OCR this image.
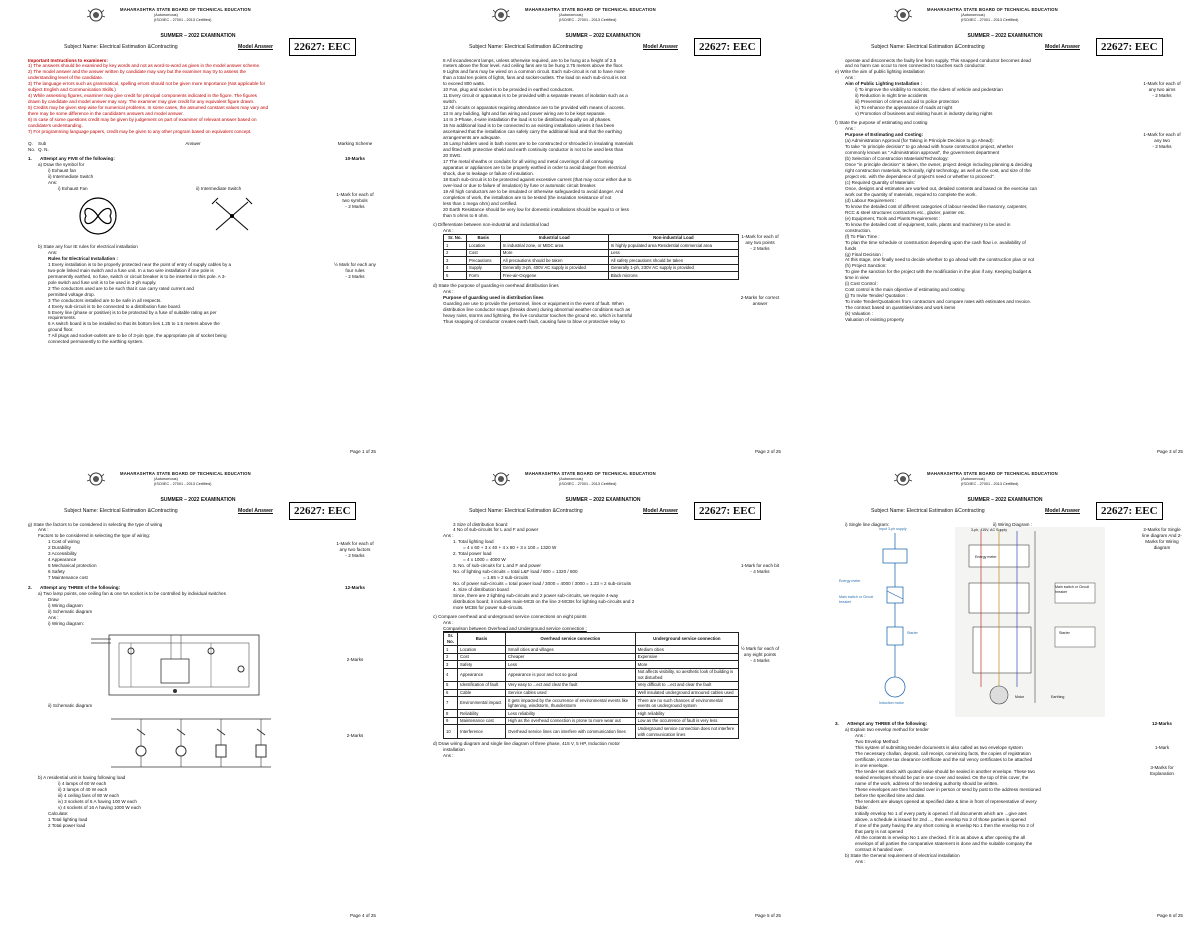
MAHARASHTRA STATE BOARD OF TECHNICAL EDUCATION
(Autonomous)
(ISO/IEC - 27001 - 2013 Certified)
SUMMER – 2022 EXAMINATION
Subject Name: Electrical Estimation &Contracting	Model Answer	22627: EEC
Important Instructions to examiners:
1) The answers should be examined by key words and not as word-to-word as given in the model answer scheme.
2) The model answer and the answer written by candidate may vary but the examiner may try to assess the
understanding level of the candidate.
3) The language errors such as grammatical, spelling errors should not be given more Importance (Not applicable for
subject English and Communication Skills.)
4) While assessing figures, examiner may give credit for principal components indicated in the figure. The figures
drawn by candidate and model answer may vary. The examiner may give credit for any equivalent figure drawn.
5) Credits may be given step wise for numerical problems. In some cases, the assumed constant values may vary and
there may be some difference in the candidate's answers and model answer.
6) In case of some questions credit may be given by judgement on part of examiner of relevant answer based on
candidate's understanding.
7) For programming language papers, credit may be given to any other program based on equivalent concept.
Q. No.
Sub Q. N.
Answer	Marking Scheme
1.	Attempt any FIVE of the following:	10-Marks
a) Draw the symbol for
i) Exhaust fan
ii) Intermediate Switch
Ans:
i) Exhaust Fan	ii) Intermediate Switch
1-Mark for each of two symbols
- 2 Marks
b) State any four IE rules for electrical installation
Ans:
Rules for Electrical Installation :
1 Every installation is to be properly protected near the point of entry of supply cables by a
two-pole linked main switch and a fuse unit. In a two wire installation if one pole is
permanently earthed, no fuse, switch or circuit breaker is to be inserted in this pole. A 3-
pole switch and fuse unit is to be used in 3-ph supply.
2 The conductors used are to be such that it can carry rated current and
permitted voltage drop.
3 The conductors installed are to be safe in all respects.
4 Every sub-circuit is to be connected to a distribution fuse board.
5 Every line (phase or positive) is to be protected by a fuse of suitable rating as per
requirements.
6 A switch board is to be installed so that its bottom lies 1.25 to 1.5 meters above the
ground floor.
7 All plugs and socket-outlets are to be of 3-pin type, the appropriate pin of socket being
connected permanently to the earthing system.
½ Mark for each any four rules
- 2 Marks
Page 1 of 25
MAHARASHTRA STATE BOARD OF TECHNICAL EDUCATION
(Autonomous)
(ISO/IEC - 27001 - 2013 Certified)
SUMMER – 2022 EXAMINATION
Subject Name: Electrical Estimation &Contracting	Model Answer	22627: EEC
8 All incandescent lamps, unless otherwise required, are to be hung at a height of 2.5
meters above the floor level. And ceiling fans are to be hung 2.75 meters above the floor.
9 Lights and fans may be wired on a common circuit. Each sub-circuit is not to have more
than a total ten points of lights, fans and socket-outlets. The load on each sub-circuit is not
to exceed 800 watts.
10 Fan, plug and socket is to be provided in earthed conductors.
11 Every circuit or apparatus is to be provided with a separate means of isolation such as a
switch.
12 All circuits or apparatus requiring attendance are to be provided with means of access.
13 In any building, light and fan wiring and power wiring are to be kept separate.
14 In 3-Phase, 4-wire installation the load is to be distributed equally on all phases.
15 No additional load is to be connected to an existing installation unless it has been
ascertained that the installation can safely carry the additional load and that the earthing
arrangements are adequate.
16 Lamp holders used in bath rooms are to be constructed or shrouded in insulating materials
and fitted with protective shield and earth continuity conductor is not to be used less than
20 SWG.
17 The metal sheaths or conduits for all wiring and metal coverings of all consuming
apparatus or appliances are to be properly earthed in order to avoid danger from electrical
shock, due to leakage or failure of insulation.
18 Each sub-circuit is to be protected against excessive current (that may occur either due to
over-load or due to failure of insulation) by fuse or automatic circuit breaker.
19 All high conductors are to be insulated or otherwise safeguarded to avoid danger. And
completion of work, the installation are to be tested (the insulation resistance of not
less than 1 mega ohm) and certified.
20 Earth Resistance should be very low for domestic installations should be equal to or less
than 5 ohms to 8 ohm.
c) Differentiate between non-industrial and industrial load
Ans :
Sr. No.	Basis	Industrial Load	Non-industrial Load
1	Location	In industrial zone, or MIDC area	In highly populated area Residential commercial area
2	Cost	More	Less
3	Precautions	All precautions should be taken	All safety precautions should be taken
4	Supply	Generally 3-ph, 400V AC supply is provided	Generally 1-ph, 230V AC supply is provided
5	Form	Free-air-Oxygene	Black microns
1-Mark for each of any two points
- 2 Marks
d) State the purpose of guarding-in overhead distribution lines
Ans :
Purpose of guarding used in distribution lines
Guarding are use to provide the personnel, lines or equipment in the event of fault. When
distribution line conductor snaps (breaks down) during abnormal weather conditions such as
heavy rains, storms and lightning, the live conductor touches the ground etc. which is harmful
Thus snapping of conductor creates earth fault, causing fuse to blow or protective relay to
2-Marks for correct answer
Page 2 of 25
MAHARASHTRA STATE BOARD OF TECHNICAL EDUCATION
(Autonomous)
(ISO/IEC - 27001 - 2013 Certified)
SUMMER – 2022 EXAMINATION
Subject Name: Electrical Estimation &Contracting	Model Answer	22627: EEC
operate and disconnects the faulty line from supply. This snapped conductor becomes dead
and no harm can occur to men connected to touches such conductor.
e) Write the aim of public lighting installation
Ans :
Aim of Public Lighting Installation :
i) To improve the visibility to motorist, the riders of vehicle and pedestrian
ii) Reduction in night time accidents
iii) Prevention of crimes and aid to police protection
iv) To enhance the appearance of roads at night
v) Promotion of business and visiting hours in industry during nights
1-Mark for each of any two aims
- 2 Marks
f) State the purpose of estimating and costing
Ans :
Purpose of Estimating and Costing:
(a) Administration Approval (for Taking in Principle Decision to go Ahead):
To take "in principle decision" to go ahead with house construction project, whether
commonly known as " Administration approval", the government department
(b) Selection of Construction Materials/Technology:
Once "in principle decision" is taken, the owner, project design including planning & deciding
right construction materials, technically, right technology, as well as the cost, and size of the
project etc. with the dependence of project's need or whether to proceed".
(c) Required Quantity of Materials:
Once, designs and estimates are worked out, detailed contents and based on the exercise can
work out the quantity of materials, required to complete the work.
(d) Labour Requirement :
To know the detailed cost of different categories of labour needed like masonry, carpenter,
RCC & steel structures contractors etc., glazier, painter etc.
(e) Equipment, Tools and Plants Requirement :
To know the detailed cost of equipment, tools, plants and machinery to be used in
construction.
(f) To Plan Time :
To plan the time schedule or construction depending upon the cash flow i.e. availability of
funds
(g) Final Decision :
At this stage, one finally need to decide whether to go ahead with the construction plan or not
(h) Project Sanction:
To give the sanction for the project with the modification in the plan if any. Keeping budget &
time in view
(i) Cost Control :
Cost control is the main objective of estimating and costing
(j) To Invite Tender/ Quotation :
To invite Tender/Quotations from contractors and compare rates with estimates and Invoice.
The contract based on quantities/rates and work items
(k) Valuation :
Valuation of existing property
1-Mark for each of any two
- 2 Marks
Page 3 of 25
MAHARASHTRA STATE BOARD OF TECHNICAL EDUCATION
(Autonomous)
(ISO/IEC - 27001 - 2013 Certified)
SUMMER – 2022 EXAMINATION
Subject Name: Electrical Estimation &Contracting	Model Answer	22627: EEC
g) State the factors to be considered in selecting the type of wiring
Ans :
Factors to be considered in selecting the type of wiring:
1 Cost of wiring
2 Durability
3 Accessibility
4 Appearance
5 Mechanical protection
6 Safety
7 Maintenance cost
1-Mark for each of any two factors
- 2 Marks
2.	Attempt any THREE of the following:	12-Marks
a) Two lamp points, one ceiling fan & one 5A socket is to be controlled by individual switches
Draw
i) Wiring diagram
ii) Schematic diagram
Ans :
i) Wiring diagram:
2-Marks
ii) Schematic diagram
2-Marks
b) A residential unit is having following load
i) 4 lamps of 60 W each
ii) 3 lamps of 40 W each
iii) 4 ceiling fans of 80 W each
iv) 3 sockets of 6 A having 100 W each
v) 4 sockets of 16 A having 1000 W each
Calculate:
1 Total lighting load
2 Total power load
Page 4 of 25
MAHARASHTRA STATE BOARD OF TECHNICAL EDUCATION
(Autonomous)
(ISO/IEC - 27001 - 2013 Certified)
SUMMER – 2022 EXAMINATION
Subject Name: Electrical Estimation &Contracting	Model Answer	22627: EEC
3 Size of distribution board
4 No of sub-circuits for L and F and power
Ans :
1. Total lighting load
= 4 x 60 + 3 x 40 + 4 x 80 + 3 x 100 = 1320 W
2. Total power load
= 4 x 1000 = 4000 W
3. No. of sub-circuits for L and F and power
No. of lighting sub-circuits = total L&F load / 800 = 1320 / 800
= 1.65 ≈ 2 sub-circuits
No. of power sub-circuits = total power load / 3000 = 4000 / 3000 = 1.33 ≈ 2 sub-circuits
4. Size of distribution board
Since, there are 2 lighting sub-circuits and 2 power sub-circuits, we require 4-way
distribution board; it includes main-MCB on the line 2-MCBs for lighting sub-circuits and 2
more MCBs for power sub-circuits.
1-Mark for each bit
- 4 Marks
c) Compare overhead and underground service connections on eight points
Ans :
Comparison between Overhead and Underground service connection :
Sr. No.	Basis	Overhead service connection	Underground service connection
1	Location	Small cities and villages	Medium cities
2	Cost	Cheaper	Expensive
3	Safety	Less	More
4	Appearance	Appearance is poor and not so good	Not affects visibility, so aesthetic look of building is not disturbed
5	Identification of fault	Very easy to ...ect and clear the fault	Very difficult to ...ect and clear the fault
6	Cable	Service cables used	Well insulated underground armoured cables used
7	Environmental impact	It gets impacted by the occurrence of environmental events like lightening, windstorm, thunderstorm	There are no such chances of environmental events on underground system
8	Reliability	Less reliability	High reliability
9	Maintenance cost	High as the overhead connection is prone to more wear out	Low as the occurrence of fault is very less
10	Interference	Overhead service lines can interfere with communication lines	Underground service connection does not interfere with communication lines
½ Mark for each of any eight points
- 4 Marks
d) Draw wiring diagram and single line diagram of three phase, 415 V, 5 HP, Induction motor
installation
Ans :
Page 5 of 25
MAHARASHTRA STATE BOARD OF TECHNICAL EDUCATION
(Autonomous)
(ISO/IEC - 27001 - 2013 Certified)
SUMMER – 2022 EXAMINATION
Subject Name: Electrical Estimation &Contracting	Model Answer	22627: EEC
i) Single line diagram:	ii) Wiring Diagram :
Input 3-ph supply
Energy meter
Main switch or Circuit breaker
Starter
Induction motor
3-ph, 415V, AC Supply
Energy meter
Main switch or Circuit breaker
Starter
Motor	Earthing
2-Marks for Single line diagram And 2-Marks for Wiring diagram
3.	Attempt any THREE of the following:	12-Marks
a) Explain two envelop method for tender
Ans :
Two Envelop Method:
This system of submitting tender documents is also called as two envelope system
The necessary challan, deposit, call receipt, convincing facts, the copies of registration
certificate, income tax clearance certificate and the sol vency certificates to be attached
in one envelope.
The tender set stack with quoted value should be sealed in another envelope. These two
sealed envelopes should be put in one cover and sealed. On the top of this cover, the
name of the work, address of the tendering authority should be written.
These envelopes are then handed over in person or send by post to the address mentioned
before the specified time and date.
The tenders are always opened at specified date & time in front of representative of every
bidder.
Initially envelop No 1 of every party is opened. If all documents which are ...give ates
above, a schedule is issued for 2nd ..., then envelop No 2 of those parties is opened
If one of the party having the any short coming in envelop No 1 then the envelop No 2 of
that party is not opened
All the contents in envelop No 1 are checked. If it is as above & after opening the all
envelops of all parties the comparative statement is done and the suitable company the
contract is handed over.
1-Mark
3-Marks for Explanation
b) State the General requirement of electrical installation
Ans :
Page 6 of 25
